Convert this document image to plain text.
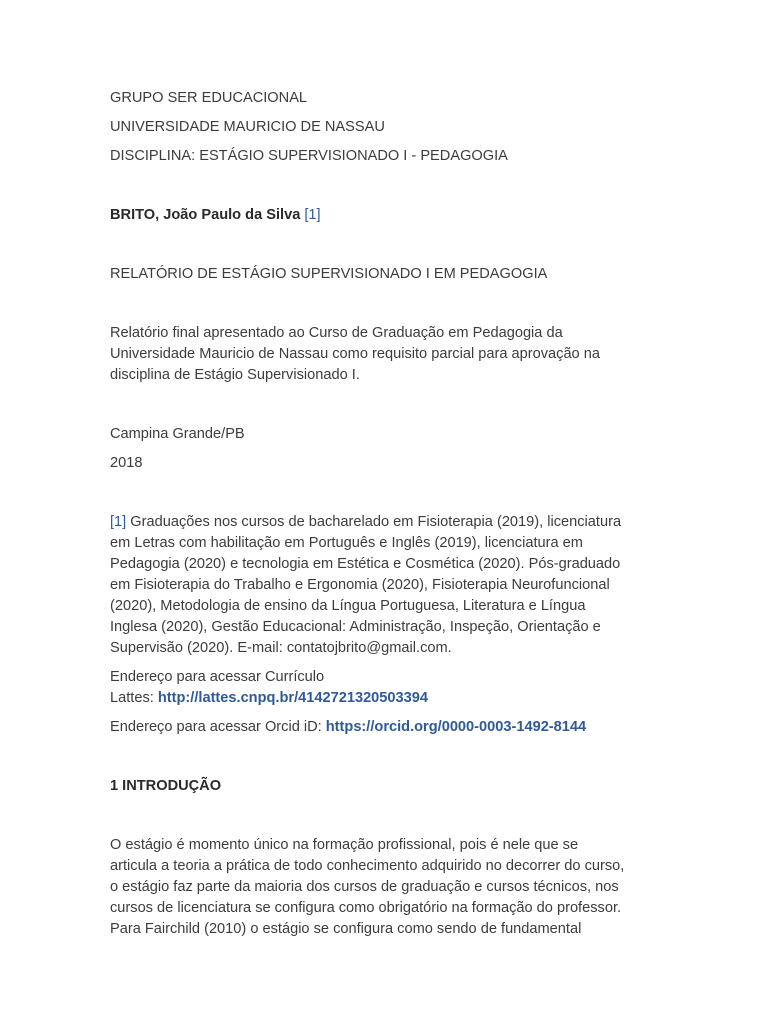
GRUPO SER EDUCACIONAL

UNIVERSIDADE MAURICIO DE NASSAU

DISCIPLINA: ESTÁGIO SUPERVISIONADO I - PEDAGOGIA

BRITO, João Paulo da Silva [1]

RELATÓRIO DE ESTÁGIO SUPERVISIONADO I EM PEDAGOGIA

Relatório final apresentado ao Curso de Graduação em Pedagogia da
Universidade Mauricio de Nassau como requisito parcial para aprovação na
disciplina de Estágio Supervisionado I.

Campina Grande/PB

2018

[1] Graduações nos cursos de bacharelado em Fisioterapia (2019), licenciatura
em Letras com habilitação em Português e Inglês (2019), licenciatura em
Pedagogia (2020) e tecnologia em Estética e Cosmética (2020). Pós-graduado
em Fisioterapia do Trabalho e Ergonomia (2020), Fisioterapia Neurofuncional
(2020), Metodologia de ensino da Língua Portuguesa, Literatura e Língua
Inglesa (2020), Gestão Educacional: Administração, Inspeção, Orientação e
Supervisão (2020). E-mail: contatojbrito@gmail.com.

Endereço para acessar Currículo
Lattes: http://lattes.cnpq.br/4142721320503394

Endereço para acessar Orcid iD: https://orcid.org/0000-0003-1492-8144

1 INTRODUÇÃO

O estágio é momento único na formação profissional, pois é nele que se
articula a teoria a prática de todo conhecimento adquirido no decorrer do curso,
o estágio faz parte da maioria dos cursos de graduação e cursos técnicos, nos
cursos de licenciatura se configura como obrigatório na formação do professor.
Para Fairchild (2010) o estágio se configura como sendo de fundamental
